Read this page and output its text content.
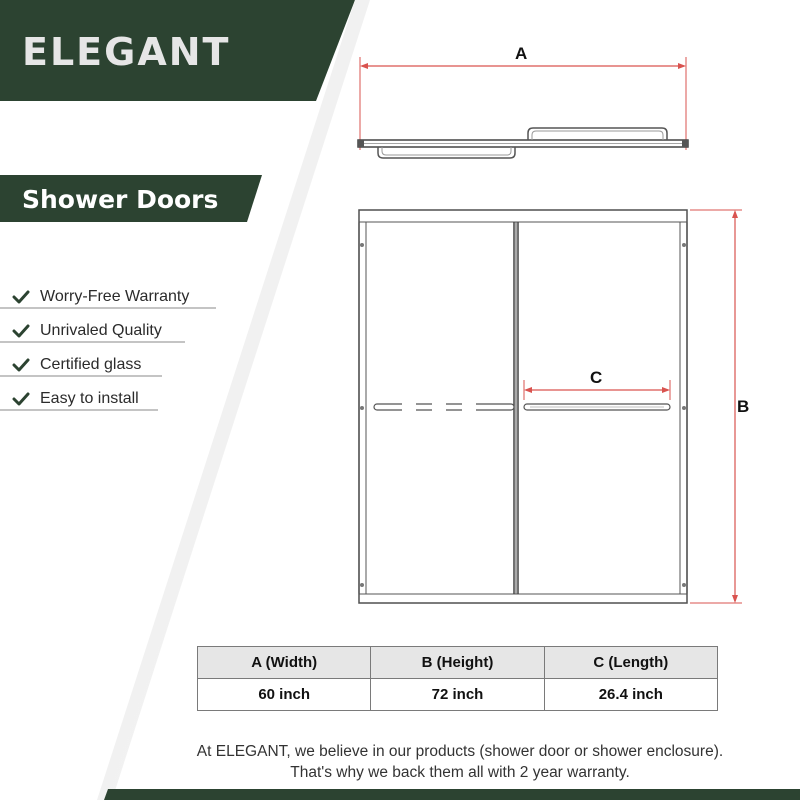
ELEGANT
Shower Doors
Worry-Free Warranty
Unrivaled Quality
Certified glass
Easy to install
A
B
C
A (Width)	B (Height)	C (Length)
60 inch	72 inch	26.4 inch
At ELEGANT, we believe in our products (shower door or shower enclosure).
That's why we back them all with 2 year warranty.
